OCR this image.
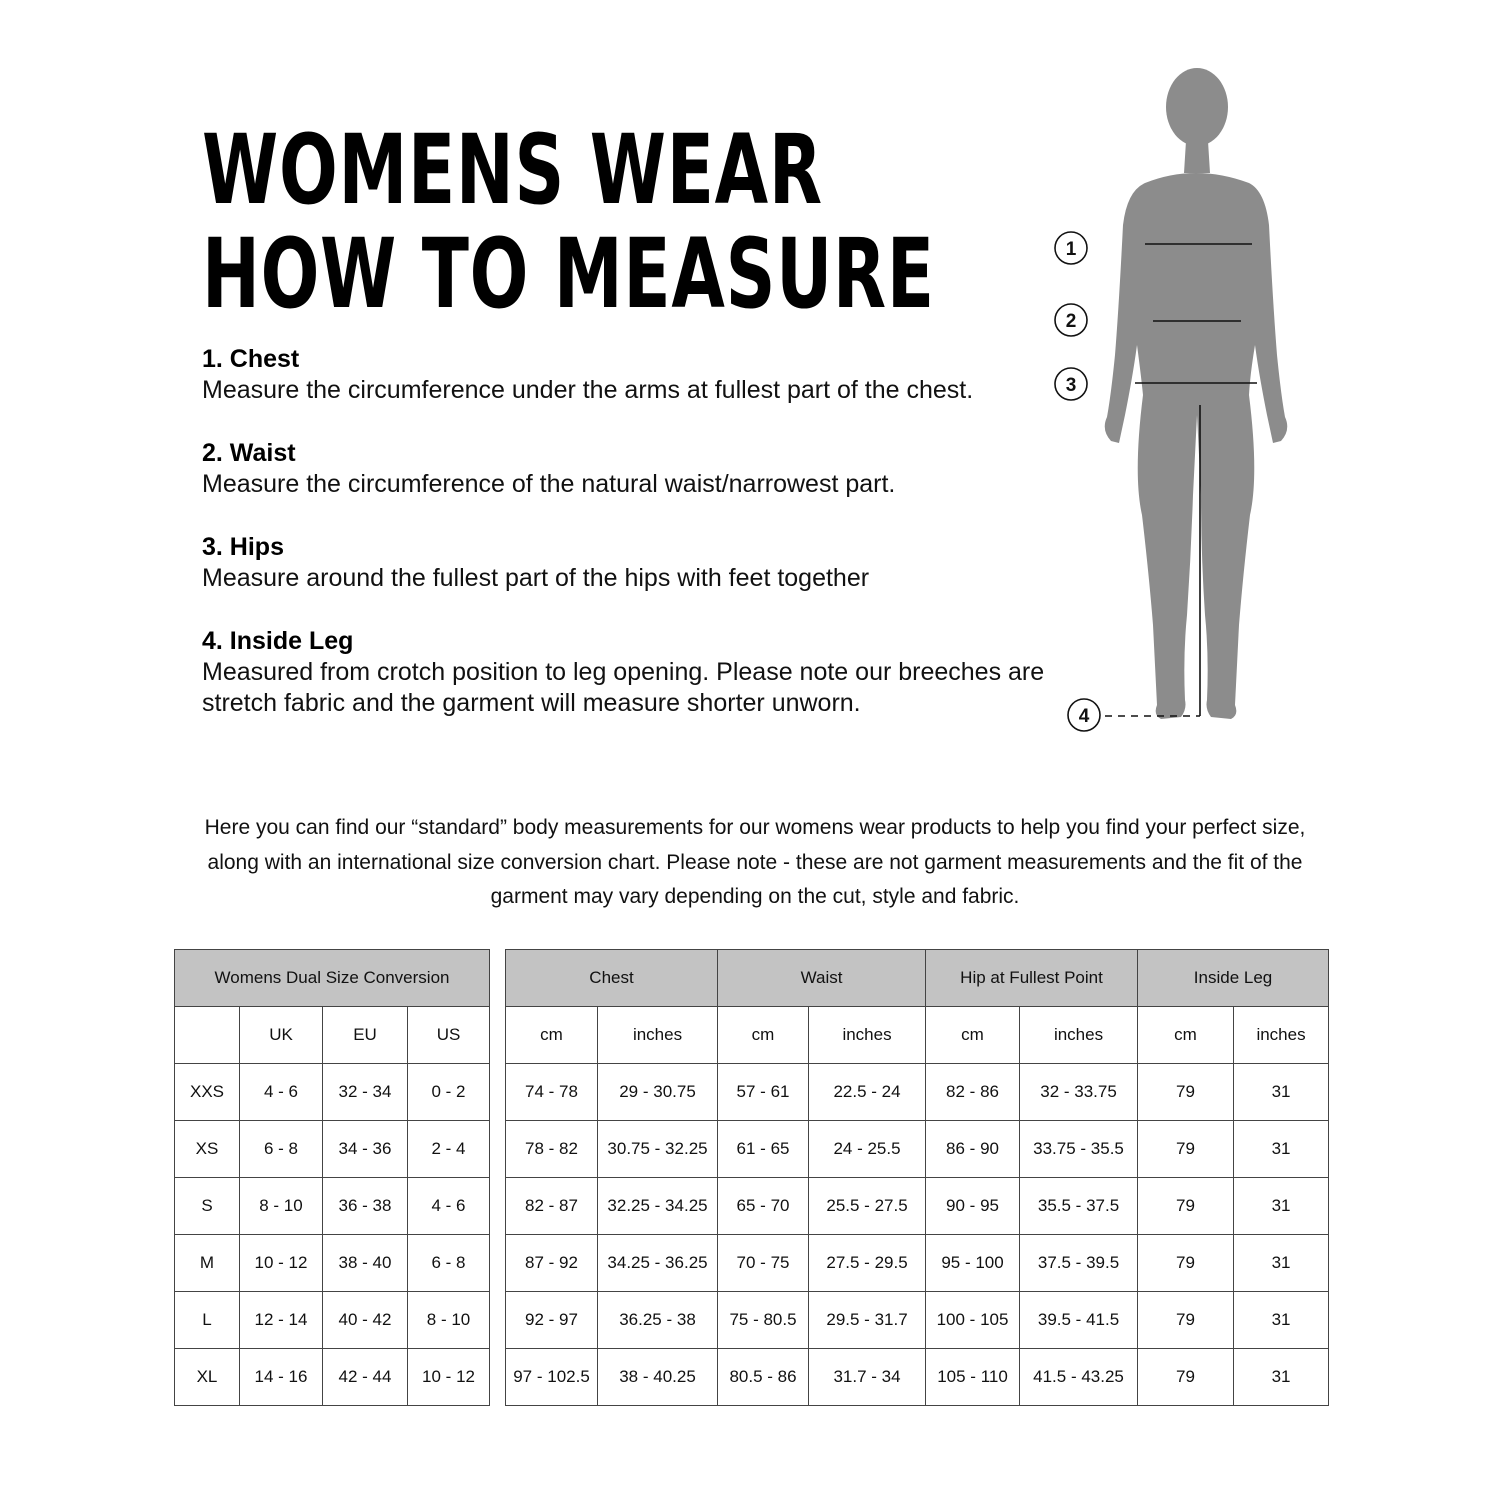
WOMENS WEAR
HOW TO MEASURE
1. Chest
Measure the circumference under the arms at fullest part of the chest.
2. Waist
Measure the circumference of the natural waist/narrowest part.
3. Hips
Measure around the fullest part of the hips with feet together
4. Inside Leg
Measured from crotch position to leg opening. Please note our breeches are stretch fabric and the garment will measure shorter unworn.
1
2
3
4

Here you can find our “standard” body measurements for our womens wear products to help you find your perfect size, along with an international size conversion chart. Please note - these are not garment measurements and the fit of the garment may vary depending on the cut, style and fabric.

Womens Dual Size Conversion			
	UK	EU	US
XXS	4 - 6	32 - 34	0 - 2
XS	6 - 8	34 - 36	2 - 4
S	8 - 10	36 - 38	4 - 6
M	10 - 12	38 - 40	6 - 8
L	12 - 14	40 - 42	8 - 10
XL	14 - 16	42 - 44	10 - 12
Chest		Waist		Hip at Fullest Point		Inside Leg	
cm	inches	cm	inches	cm	inches	cm	inches
74 - 78	29 - 30.75	57 - 61	22.5 - 24	82 - 86	32 - 33.75	79	31
78 - 82	30.75 - 32.25	61 - 65	24 - 25.5	86 - 90	33.75 - 35.5	79	31
82 - 87	32.25 - 34.25	65 - 70	25.5 - 27.5	90 - 95	35.5 - 37.5	79	31
87 - 92	34.25 - 36.25	70 - 75	27.5 - 29.5	95 - 100	37.5 - 39.5	79	31
92 - 97	36.25 - 38	75 - 80.5	29.5 - 31.7	100 - 105	39.5 - 41.5	79	31
97 - 102.5	38 - 40.25	80.5 - 86	31.7 - 34	105 - 110	41.5 - 43.25	79	31
